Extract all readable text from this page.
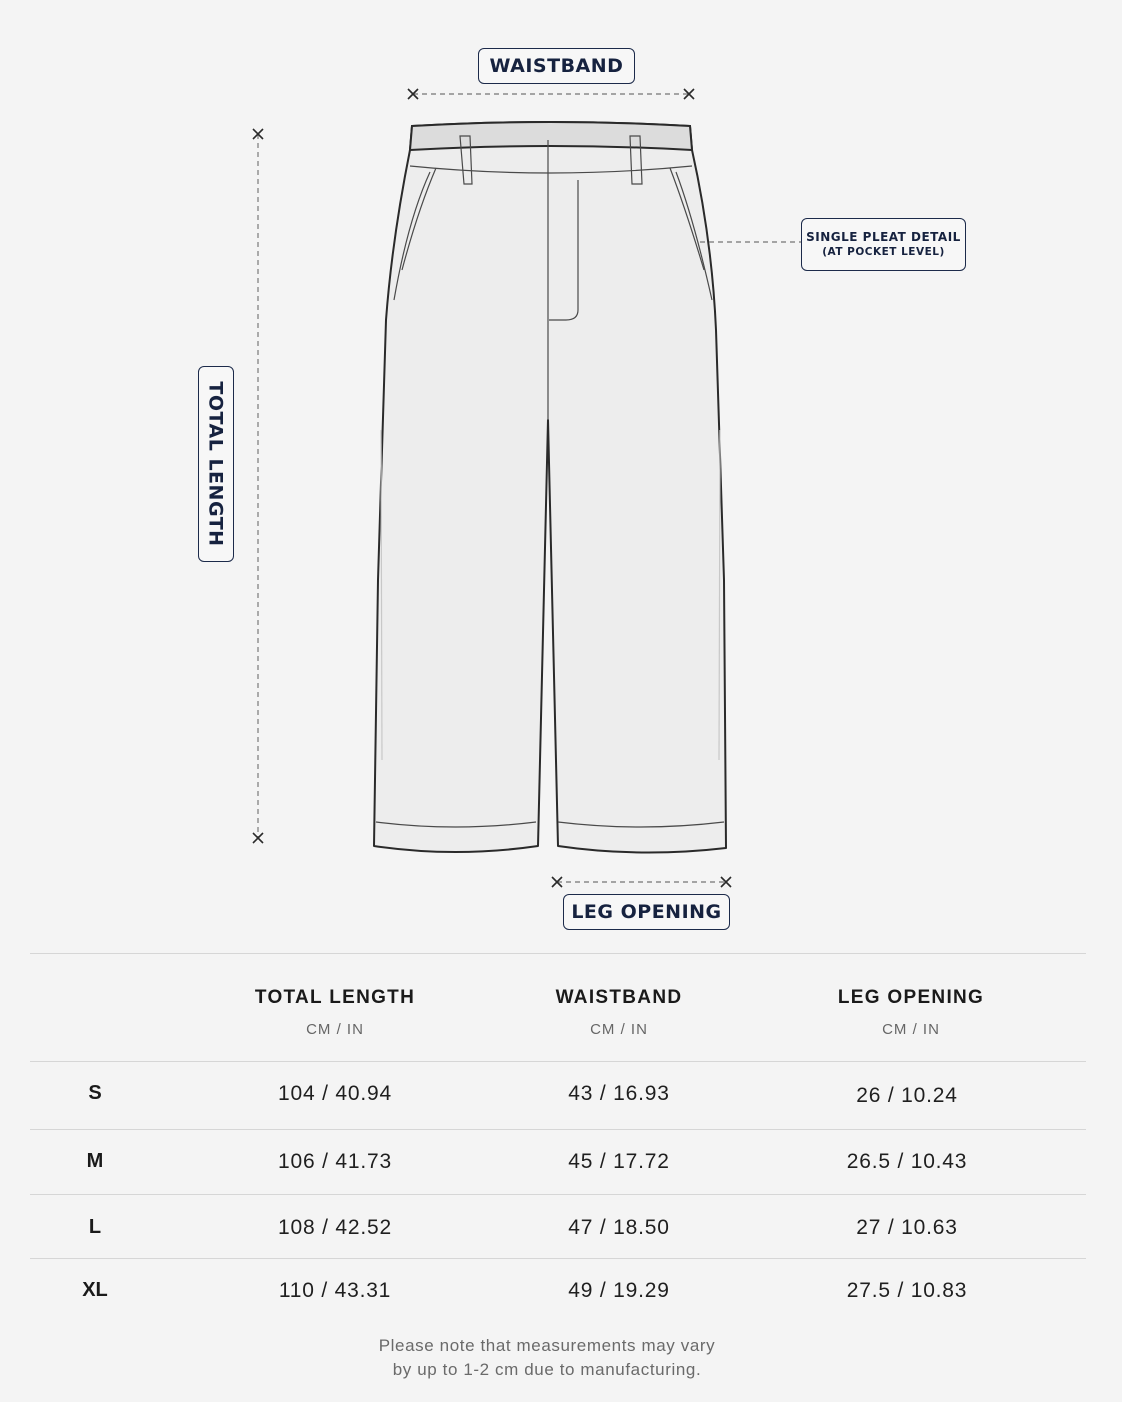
WAISTBAND
TOTAL LENGTH
LEG OPENING
SINGLE PLEAT DETAIL
(AT POCKET LEVEL)
TOTAL LENGTH
CM / IN
WAISTBAND
CM / IN
LEG OPENING
CM / IN
S	104 / 40.94	43 / 16.93	26 / 10.24
M	106 / 41.73	45 / 17.72	26.5 / 10.43
L	108 / 42.52	47 / 18.50	27 / 10.63
XL	110 / 43.31	49 / 19.29	27.5 / 10.83
Please note that measurements may vary
by up to 1-2 cm due to manufacturing.
